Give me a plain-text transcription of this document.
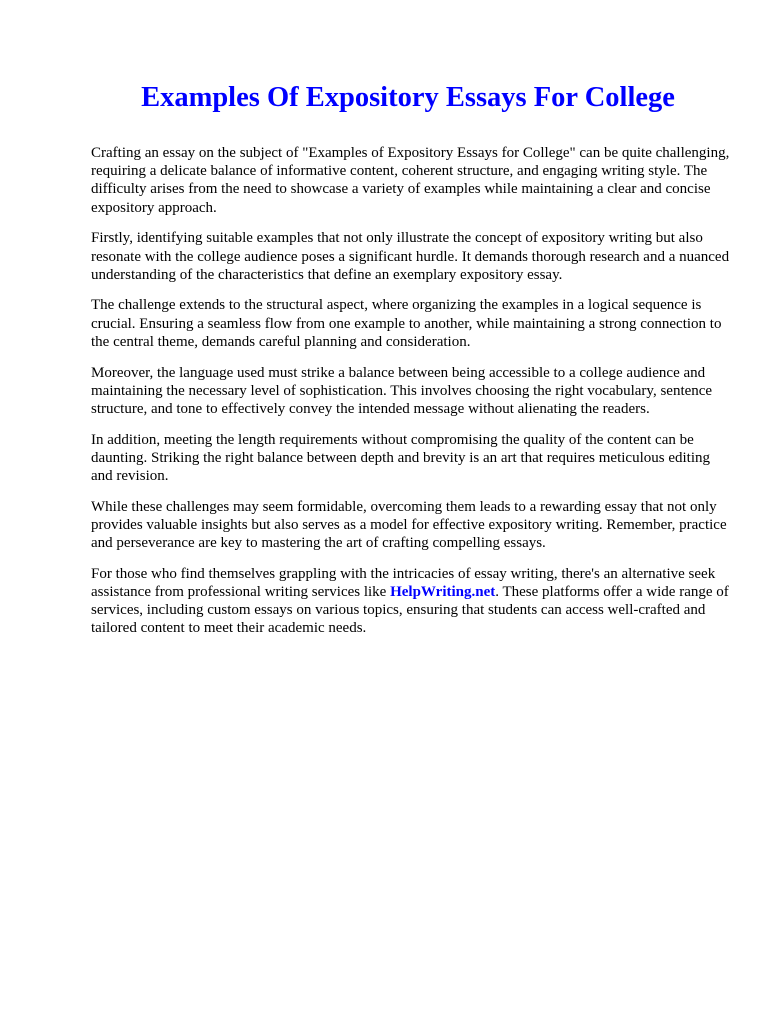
Examples Of Expository Essays For College

Crafting an essay on the subject of "Examples of Expository Essays for College" can be quite challenging, requiring a delicate balance of informative content, coherent structure, and engaging writing style. The difficulty arises from the need to showcase a variety of examples while maintaining a clear and concise expository approach.

Firstly, identifying suitable examples that not only illustrate the concept of expository writing but also resonate with the college audience poses a significant hurdle. It demands thorough research and a nuanced understanding of the characteristics that define an exemplary expository essay.

The challenge extends to the structural aspect, where organizing the examples in a logical sequence is crucial. Ensuring a seamless flow from one example to another, while maintaining a strong connection to the central theme, demands careful planning and consideration.

Moreover, the language used must strike a balance between being accessible to a college audience and maintaining the necessary level of sophistication. This involves choosing the right vocabulary, sentence structure, and tone to effectively convey the intended message without alienating the readers.

In addition, meeting the length requirements without compromising the quality of the content can be daunting. Striking the right balance between depth and brevity is an art that requires meticulous editing and revision.

While these challenges may seem formidable, overcoming them leads to a rewarding essay that not only provides valuable insights but also serves as a model for effective expository writing. Remember, practice and perseverance are key to mastering the art of crafting compelling essays.

For those who find themselves grappling with the intricacies of essay writing, there's an alternative seek assistance from professional writing services like HelpWriting.net. These platforms offer a wide range of services, including custom essays on various topics, ensuring that students can access well-crafted and tailored content to meet their academic needs.
